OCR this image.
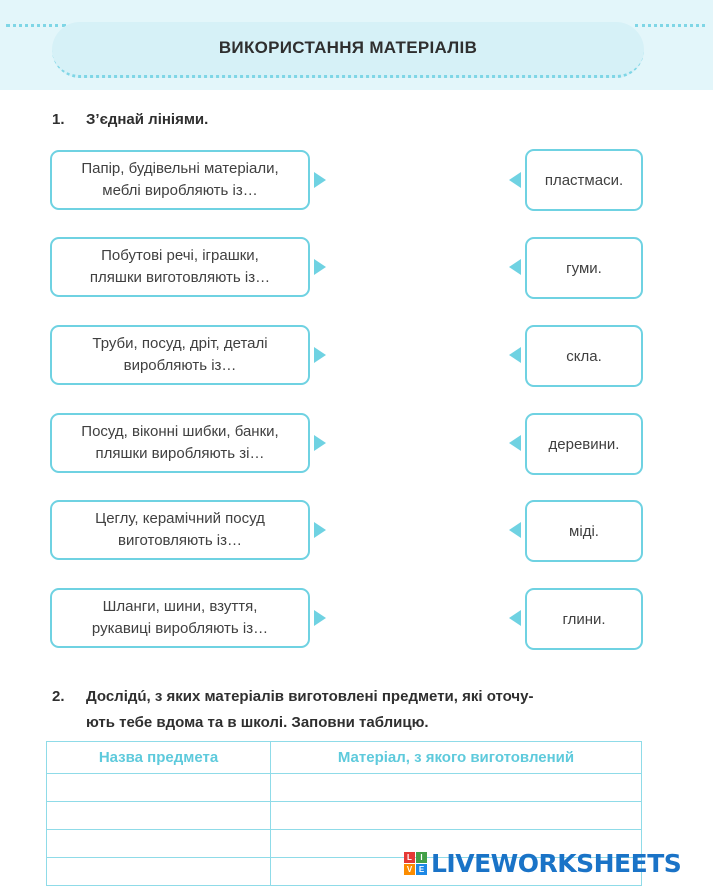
ВИКОРИСТАННЯ МАТЕРІАЛІВ
1. З’єднай лініями.
Папір, будівельні матеріали,
меблі виробляють із…
Побутові речі, іграшки,
пляшки виготовляють із…
Труби, посуд, дріт, деталі
виробляють із…
Посуд, віконні шибки, банки,
пляшки виробляють зі…
Цеглу, керамічний посуд
виготовляють із…
Шланги, шини, взуття,
рукавиці виробляють із…
пластмаси.
гуми.
скла.
деревини.
міді.
глини.
2. Дослідú, з яких матеріалів виготовлені предмети, які оточу-
ють тебе вдома та в школі. Заповни таблицю.
Назва предмета	Матеріал, з якого виготовлений

L	I
V E LIVEWORKSHEETS
